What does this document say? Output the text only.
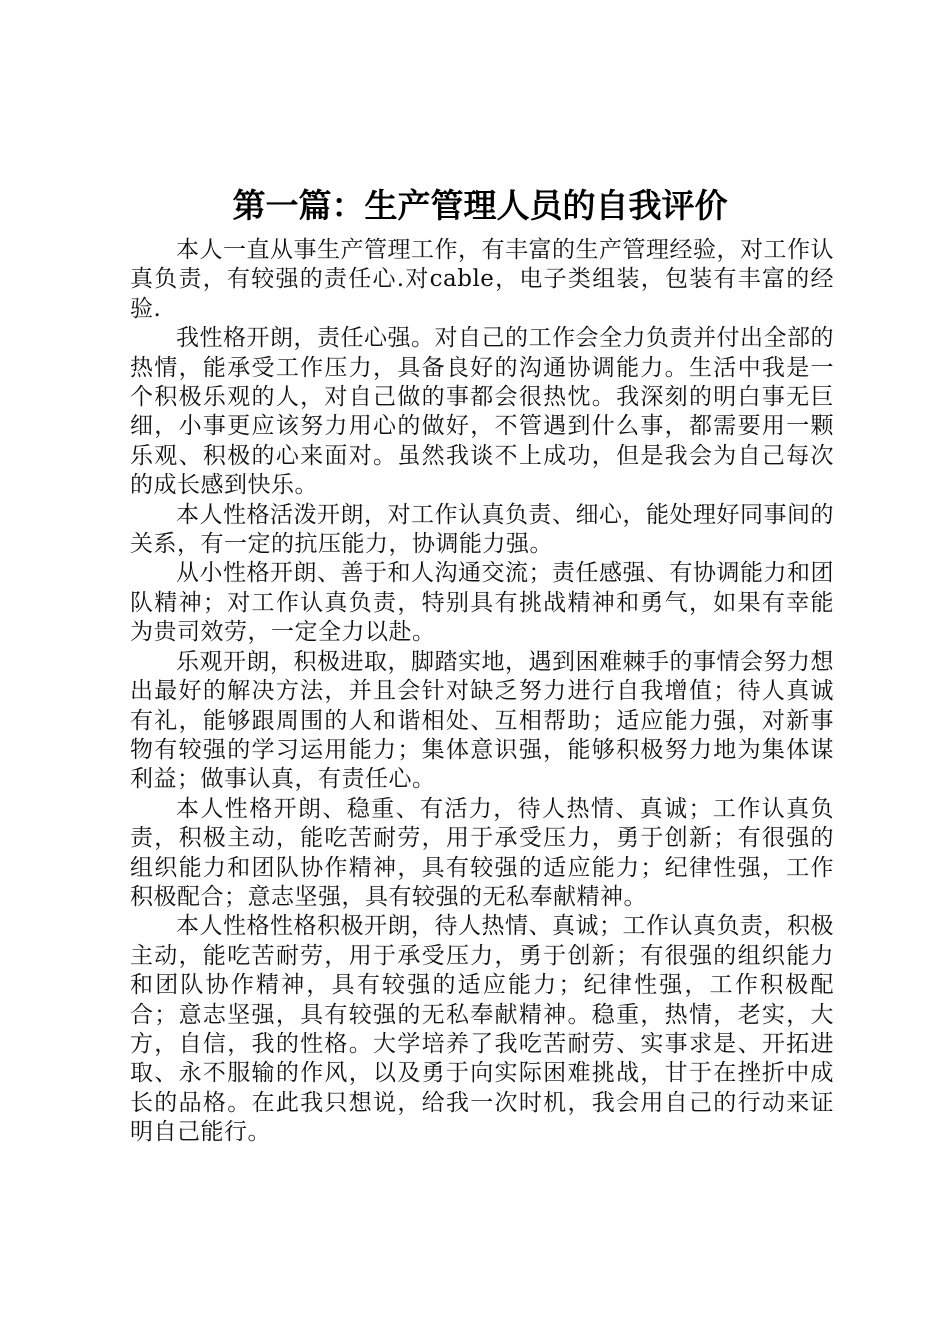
第一篇：生产管理人员的自我评价

本人一直从事生产管理工作，有丰富的生产管理经验，对工作认真负责，有较强的责任心.对cable，电子类组装，包装有丰富的经验.

我性格开朗，责任心强。对自己的工作会全力负责并付出全部的热情，能承受工作压力，具备良好的沟通协调能力。生活中我是一个积极乐观的人，对自己做的事都会很热忱。我深刻的明白事无巨细，小事更应该努力用心的做好，不管遇到什么事，都需要用一颗乐观、积极的心来面对。虽然我谈不上成功，但是我会为自己每次的成长感到快乐。

本人性格活泼开朗，对工作认真负责、细心，能处理好同事间的关系，有一定的抗压能力，协调能力强。

从小性格开朗、善于和人沟通交流；责任感强、有协调能力和团队精神；对工作认真负责，特别具有挑战精神和勇气，如果有幸能为贵司效劳，一定全力以赴。

乐观开朗，积极进取，脚踏实地，遇到困难棘手的事情会努力想出最好的解决方法，并且会针对缺乏努力进行自我增值；待人真诚有礼，能够跟周围的人和谐相处、互相帮助；适应能力强，对新事物有较强的学习运用能力；集体意识强，能够积极努力地为集体谋利益；做事认真，有责任心。

本人性格开朗、稳重、有活力，待人热情、真诚；工作认真负责，积极主动，能吃苦耐劳，用于承受压力，勇于创新；有很强的组织能力和团队协作精神，具有较强的适应能力；纪律性强，工作积极配合；意志坚强，具有较强的无私奉献精神。

本人性格性格积极开朗，待人热情、真诚；工作认真负责，积极主动，能吃苦耐劳，用于承受压力，勇于创新；有很强的组织能力和团队协作精神，具有较强的适应能力；纪律性强，工作积极配合；意志坚强，具有较强的无私奉献精神。稳重，热情，老实，大方，自信，我的性格。大学培养了我吃苦耐劳、实事求是、开拓进取、永不服输的作风，以及勇于向实际困难挑战，甘于在挫折中成长的品格。在此我只想说，给我一次时机，我会用自己的行动来证明自己能行。
